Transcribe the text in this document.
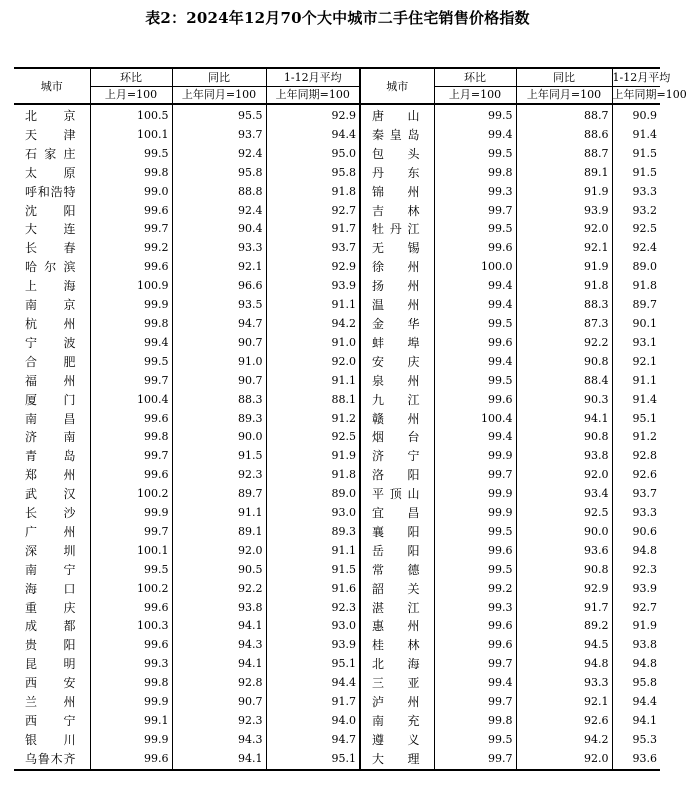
表2：2024年12月70个大中城市二手住宅销售价格指数
城市	环比	同比	1-12月平均	城市	环比	同比	1-12月平均
	上月=100	上年同月=100	上年同期=100		上月=100	上年同月=100	上年同期=100
北京	100.5	95.5	92.9	唐山	99.5	88.7	90.9
天津	100.1	93.7	94.4	秦皇岛	99.4	88.6	91.4
石家庄	99.5	92.4	95.0	包头	99.5	88.7	91.5
太原	99.8	95.8	95.8	丹东	99.8	89.1	91.5
呼和浩特	99.0	88.8	91.8	锦州	99.3	91.9	93.3
沈阳	99.6	92.4	92.7	吉林	99.7	93.9	93.2
大连	99.7	90.4	91.7	牡丹江	99.5	92.0	92.5
长春	99.2	93.3	93.7	无锡	99.6	92.1	92.4
哈尔滨	99.6	92.1	92.9	徐州	100.0	91.9	89.0
上海	100.9	96.6	93.9	扬州	99.4	91.8	91.8
南京	99.9	93.5	91.1	温州	99.4	88.3	89.7
杭州	99.8	94.7	94.2	金华	99.5	87.3	90.1
宁波	99.4	90.7	91.0	蚌埠	99.6	92.2	93.1
合肥	99.5	91.0	92.0	安庆	99.4	90.8	92.1
福州	99.7	90.7	91.1	泉州	99.5	88.4	91.1
厦门	100.4	88.3	88.1	九江	99.6	90.3	91.4
南昌	99.6	89.3	91.2	赣州	100.4	94.1	95.1
济南	99.8	90.0	92.5	烟台	99.4	90.8	91.2
青岛	99.7	91.5	91.9	济宁	99.9	93.8	92.8
郑州	99.6	92.3	91.8	洛阳	99.7	92.0	92.6
武汉	100.2	89.7	89.0	平顶山	99.9	93.4	93.7
长沙	99.9	91.1	93.0	宜昌	99.9	92.5	93.3
广州	99.7	89.1	89.3	襄阳	99.5	90.0	90.6
深圳	100.1	92.0	91.1	岳阳	99.6	93.6	94.8
南宁	99.5	90.5	91.5	常德	99.5	90.8	92.3
海口	100.2	92.2	91.6	韶关	99.2	92.9	93.9
重庆	99.6	93.8	92.3	湛江	99.3	91.7	92.7
成都	100.3	94.1	93.0	惠州	99.6	89.2	91.9
贵阳	99.6	94.3	93.9	桂林	99.6	94.5	93.8
昆明	99.3	94.1	95.1	北海	99.7	94.8	94.8
西安	99.8	92.8	94.4	三亚	99.4	93.3	95.8
兰州	99.9	90.7	91.7	泸州	99.7	92.1	94.4
西宁	99.1	92.3	94.0	南充	99.8	92.6	94.1
银川	99.9	94.3	94.7	遵义	99.5	94.2	95.3
乌鲁木齐	99.6	94.1	95.1	大理	99.7	92.0	93.6
